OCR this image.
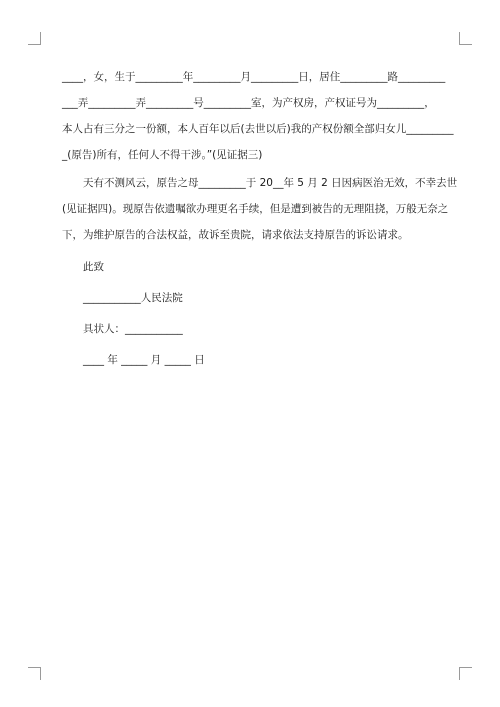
____，女，生于_________年_________月_________日，居住_________路_________
___弄_________弄_________号_________室，为产权房，产权证号为_________，
本人占有三分之一份额，本人百年以后(去世以后)我的产权份额全部归女儿_________
_(原告)所有，任何人不得干涉。”(见证据三)
天有不测风云，原告之母_________于 20__年 5 月 2 日因病医治无效，不幸去世
(见证据四)。现原告依遗嘱欲办理更名手续，但是遭到被告的无理阻挠，万般无奈之
下，为维护原告的合法权益，故诉至贵院，请求依法支持原告的诉讼请求。
此致
___________人民法院
具状人：___________
____ 年 _____ 月 _____ 日
